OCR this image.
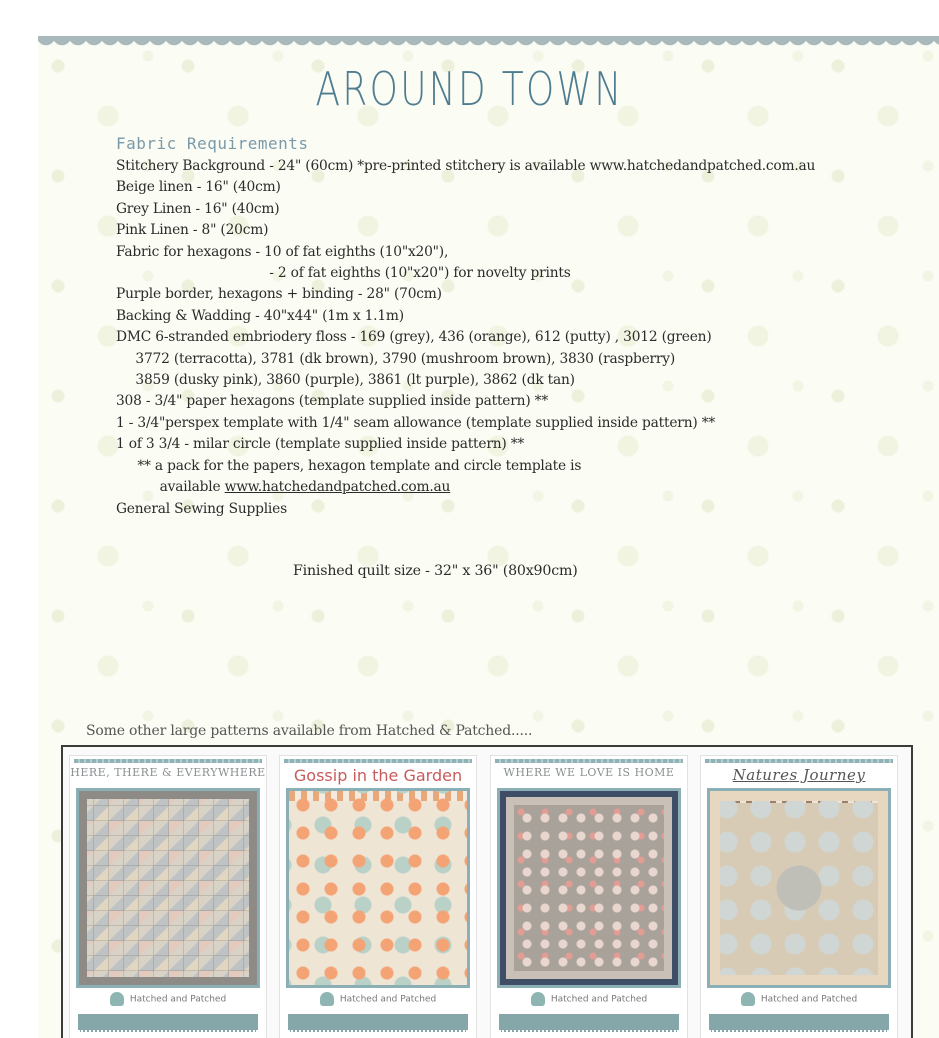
AROUND TOWN
Fabric Requirements
Stitchery Background - 24" (60cm) *pre-printed stitchery is available www.hatchedandpatched.com.au
Beige linen - 16" (40cm)
Grey Linen - 16" (40cm)
Pink Linen - 8" (20cm)
Fabric for hexagons - 10 of fat eighths (10"x20"),
- 2 of fat eighths (10"x20") for novelty prints
Purple border, hexagons + binding - 28" (70cm)
Backing & Wadding - 40"x44" (1m x 1.1m)
DMC 6-stranded embriodery floss - 169 (grey), 436 (orange), 612 (putty) , 3012 (green)
3772 (terracotta), 3781 (dk brown), 3790 (mushroom brown), 3830 (raspberry)
3859 (dusky pink), 3860 (purple), 3861 (lt purple), 3862 (dk tan)
308 - 3/4" paper hexagons (template supplied inside pattern) **
1 - 3/4"perspex template with 1/4" seam allowance (template supplied inside pattern) **
1 of 3 3/4 - milar circle (template supplied inside pattern) **
** a pack for the papers, hexagon template and circle template is
available www.hatchedandpatched.com.au
General Sewing Supplies
Finished quilt size - 32" x 36" (80x90cm)
Some other large patterns available from Hatched & Patched.....
HERE, THERE & EVERYWHERE
Hatched and Patched
Gossip in the Garden
Hatched and Patched
WHERE WE LOVE IS HOME
Hatched and Patched
Natures Journey
Hatched and Patched
